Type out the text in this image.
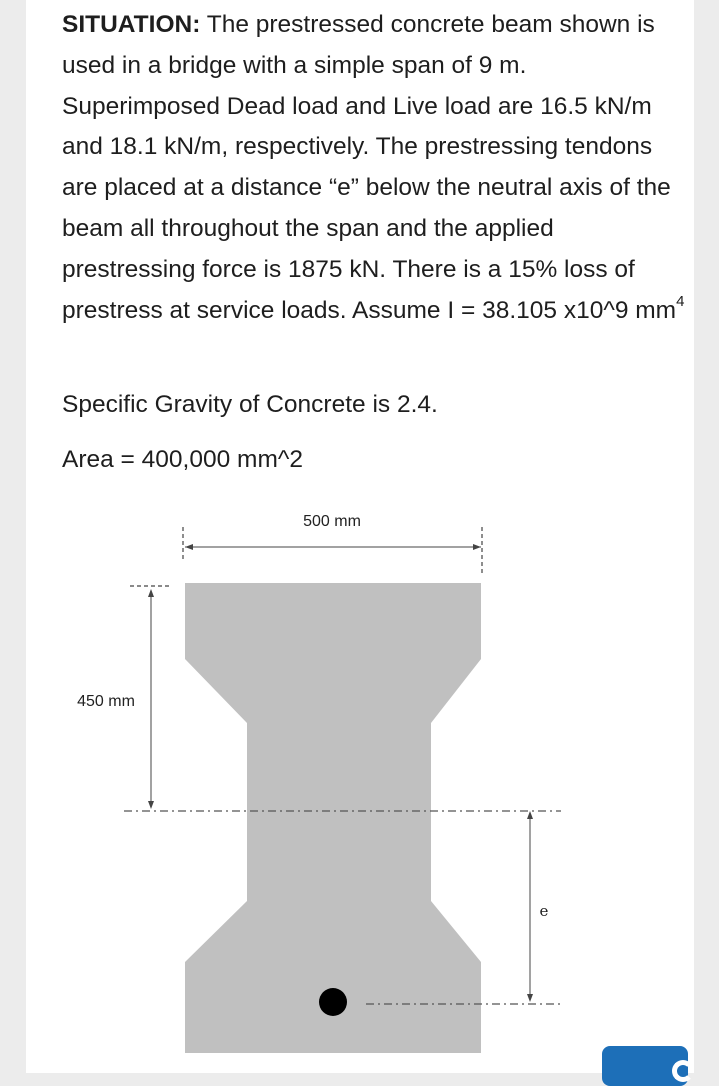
SITUATION: The prestressed concrete beam shown is used in a bridge with a simple span of 9 m. Superimposed Dead load and Live load are 16.5 kN/m and 18.1 kN/m, respectively. The prestressing tendons are placed at a distance “e” below the neutral axis of the beam all throughout the span and the applied prestressing force is 1875 kN. There is a 15% loss of prestress at service loads. Assume I = 38.105 x10^9 $mm^4$

Specific Gravity of Concrete is 2.4.

Area = 400,000 mm^2

500 mm
450 mm
e
